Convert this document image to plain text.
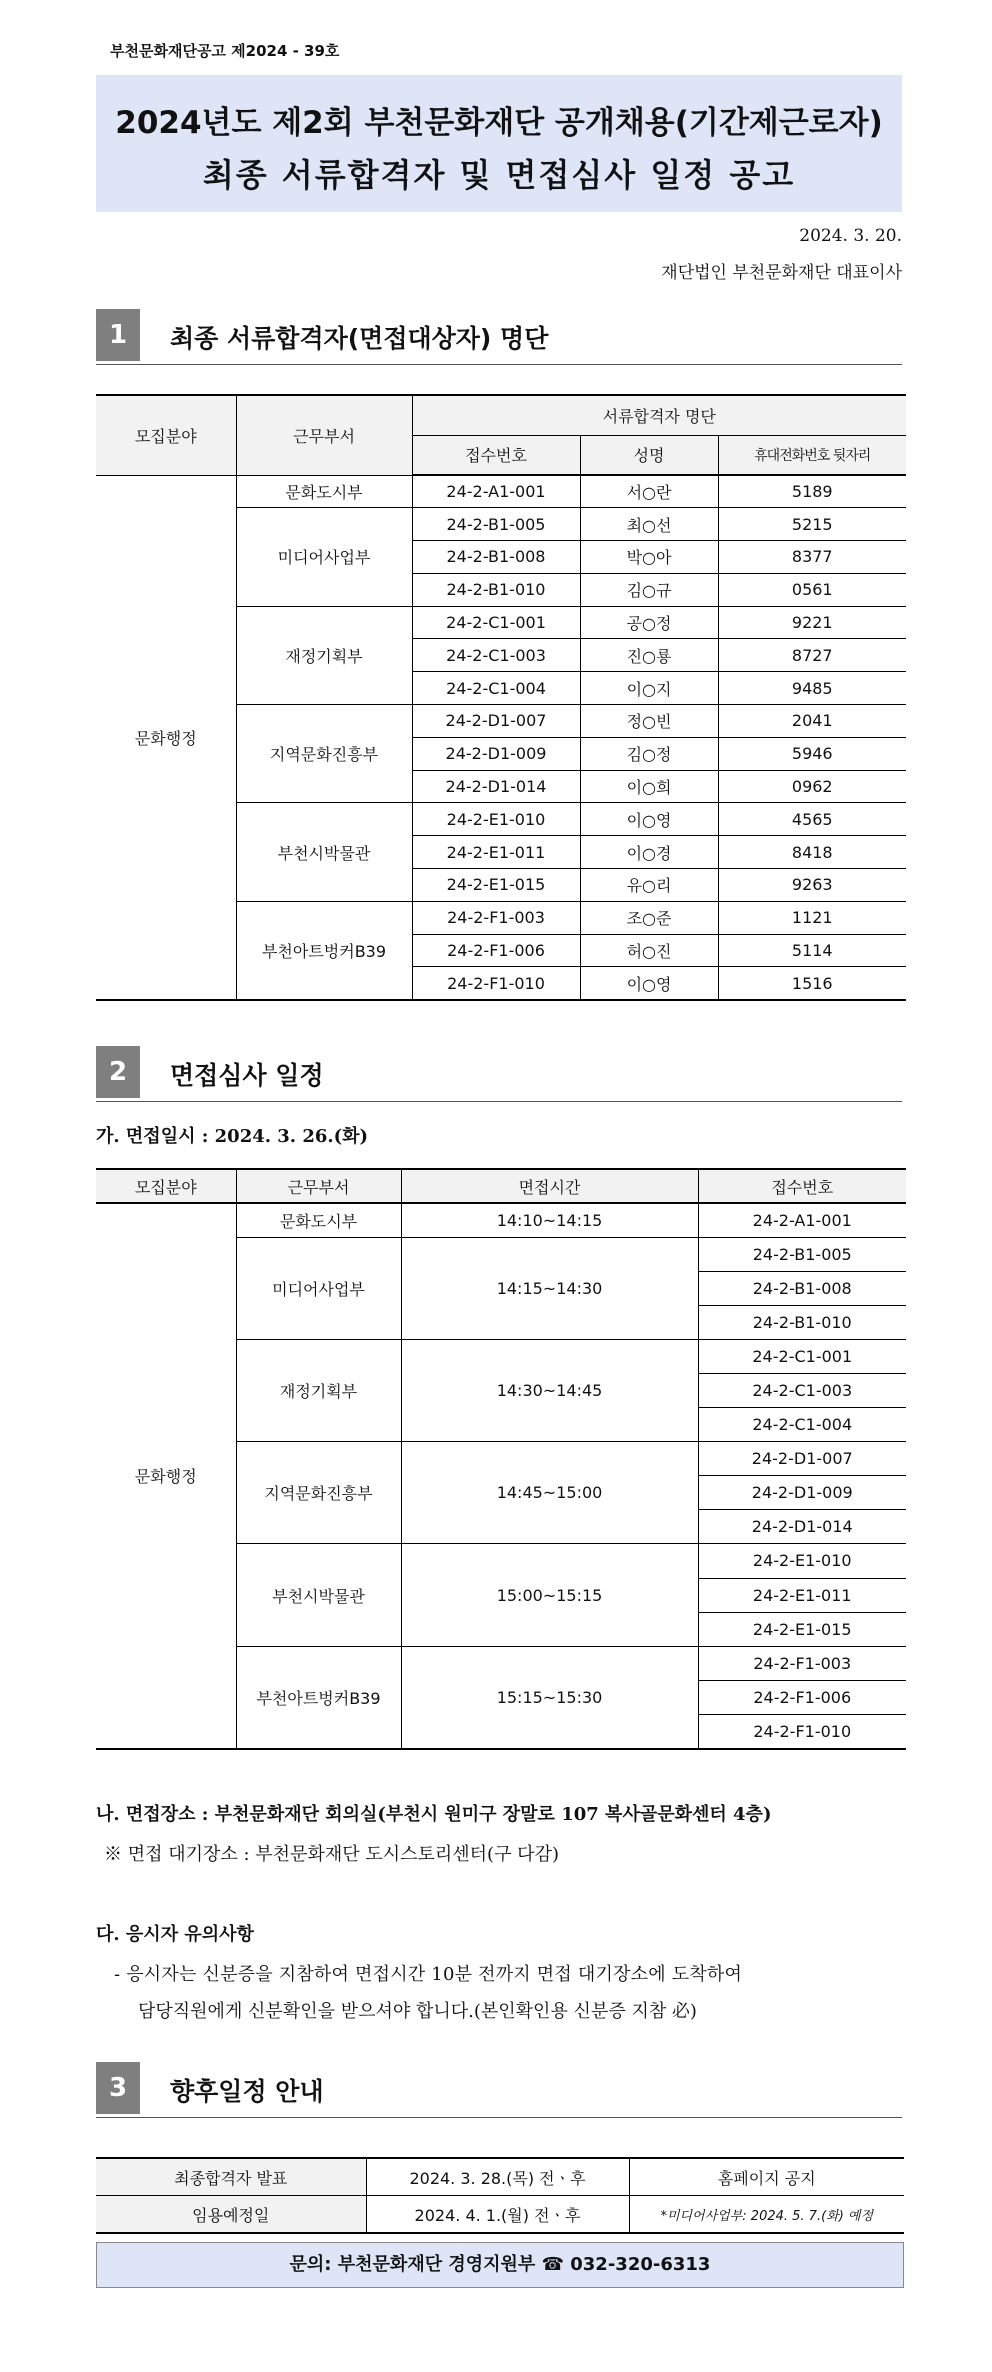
부천문화재단공고 제2024 - 39호
2024년도 제2회 부천문화재단 공개채용(기간제근로자)
최종 서류합격자 및 면접심사 일정 공고
2024. 3. 20.
재단법인 부천문화재단 대표이사
1	최종 서류합격자(면접대상자) 명단
모집분야	근무부서	서류합격자 명단		
		접수번호	성명	휴대전화번호 뒷자리
문화행정	문화도시부	24-2-A1-001	서○란	5189
	미디어사업부	24-2-B1-005	최○선	5215
		24-2-B1-008	박○아	8377
		24-2-B1-010	김○규	0561
	재정기획부	24-2-C1-001	공○정	9221
		24-2-C1-003	진○룡	8727
		24-2-C1-004	이○지	9485
	지역문화진흥부	24-2-D1-007	정○빈	2041
		24-2-D1-009	김○정	5946
		24-2-D1-014	이○희	0962
	부천시박물관	24-2-E1-010	이○영	4565
		24-2-E1-011	이○경	8418
		24-2-E1-015	유○리	9263
	부천아트벙커B39	24-2-F1-003	조○준	1121
		24-2-F1-006	허○진	5114
		24-2-F1-010	이○영	1516
2	면접심사 일정
가. 면접일시 : 2024. 3. 26.(화)
모집분야	근무부서	면접시간	접수번호
문화행정	문화도시부	14:10~14:15	24-2-A1-001
	미디어사업부	14:15~14:30	24-2-B1-005
			24-2-B1-008
			24-2-B1-010
	재정기획부	14:30~14:45	24-2-C1-001
			24-2-C1-003
			24-2-C1-004
	지역문화진흥부	14:45~15:00	24-2-D1-007
			24-2-D1-009
			24-2-D1-014
	부천시박물관	15:00~15:15	24-2-E1-010
			24-2-E1-011
			24-2-E1-015
	부천아트벙커B39	15:15~15:30	24-2-F1-003
			24-2-F1-006
			24-2-F1-010
나. 면접장소 : 부천문화재단 회의실(부천시 원미구 장말로 107 복사골문화센터 4층)
※ 면접 대기장소 : 부천문화재단 도시스토리센터(구 다감)
다. 응시자 유의사항
- 응시자는 신분증을 지참하여 면접시간 10분 전까지 면접 대기장소에 도착하여
담당직원에게 신분확인을 받으셔야 합니다.(본인확인용 신분증 지참 必)
3	향후일정 안내
최종합격자 발표	2024. 3. 28.(목) 전ㆍ후	홈페이지 공지
임용예정일	2024. 4. 1.(월) 전ㆍ후	*미디어사업부: 2024. 5. 7.(화) 예정
문의: 부천문화재단 경영지원부 ☎ 032-320-6313
